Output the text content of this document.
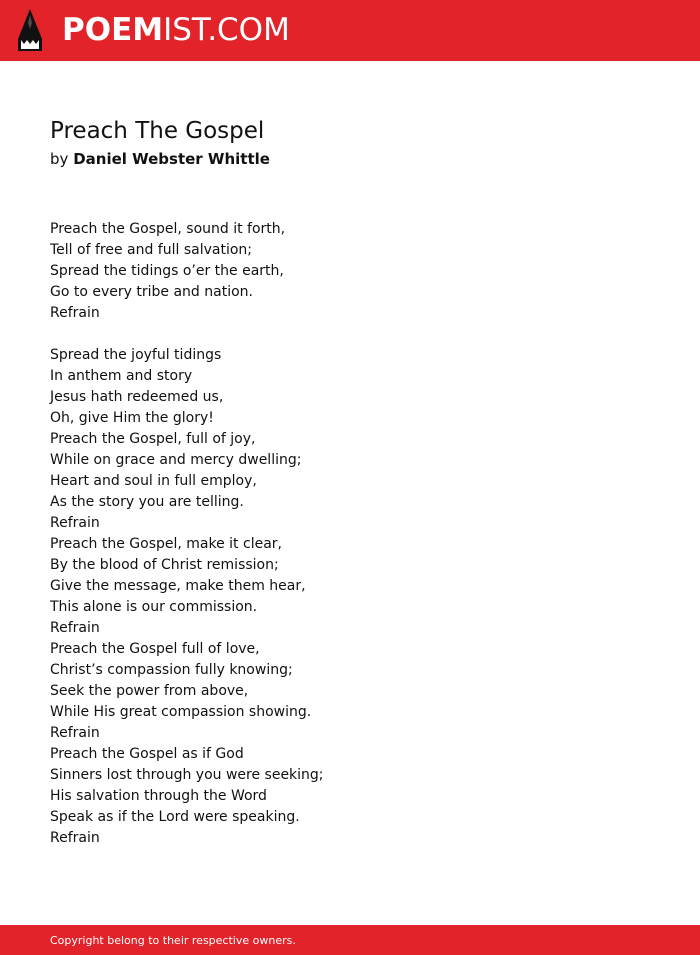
POEMIST.COM
Preach The Gospel
by Daniel Webster Whittle
Preach the Gospel, sound it forth,
Tell of free and full salvation;
Spread the tidings o’er the earth,
Go to every tribe and nation.
Refrain
Spread the joyful tidings
In anthem and story
Jesus hath redeemed us,
Oh, give Him the glory!
Preach the Gospel, full of joy,
While on grace and mercy dwelling;
Heart and soul in full employ,
As the story you are telling.
Refrain
Preach the Gospel, make it clear,
By the blood of Christ remission;
Give the message, make them hear,
This alone is our commission.
Refrain
Preach the Gospel full of love,
Christ’s compassion fully knowing;
Seek the power from above,
While His great compassion showing.
Refrain
Preach the Gospel as if God
Sinners lost through you were seeking;
His salvation through the Word
Speak as if the Lord were speaking.
Refrain
Copyright belong to their respective owners.
